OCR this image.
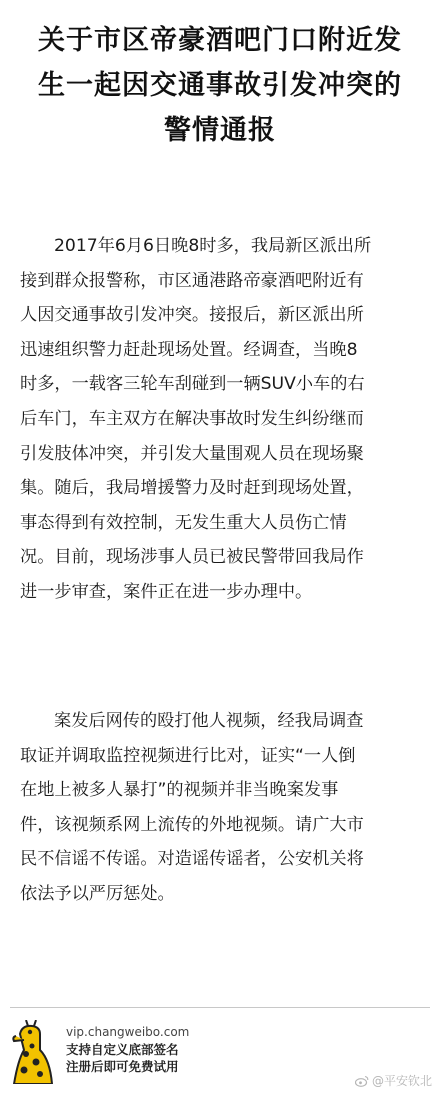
关于市区帝豪酒吧门口附近发
生一起因交通事故引发冲突的
警情通报
2017年6月6日晚8时多，我局新区派出所
接到群众报警称，市区通港路帝豪酒吧附近有
人因交通事故引发冲突。接报后，新区派出所
迅速组织警力赶赴现场处置。经调查，当晚8
时多，一载客三轮车刮碰到一辆SUV小车的右
后车门，车主双方在解决事故时发生纠纷继而
引发肢体冲突，并引发大量围观人员在现场聚
集。随后，我局增援警力及时赶到现场处置，
事态得到有效控制，无发生重大人员伤亡情
况。目前，现场涉事人员已被民警带回我局作
进一步审查，案件正在进一步办理中。
案发后网传的殴打他人视频，经我局调查
取证并调取监控视频进行比对，证实“一人倒
在地上被多人暴打”的视频并非当晚案发事
件，该视频系网上流传的外地视频。请广大市
民不信谣不传谣。对造谣传谣者，公安机关将
依法予以严厉惩处。
vip.changweibo.com
支持自定义底部签名
注册后即可免费试用
@平安钦北
